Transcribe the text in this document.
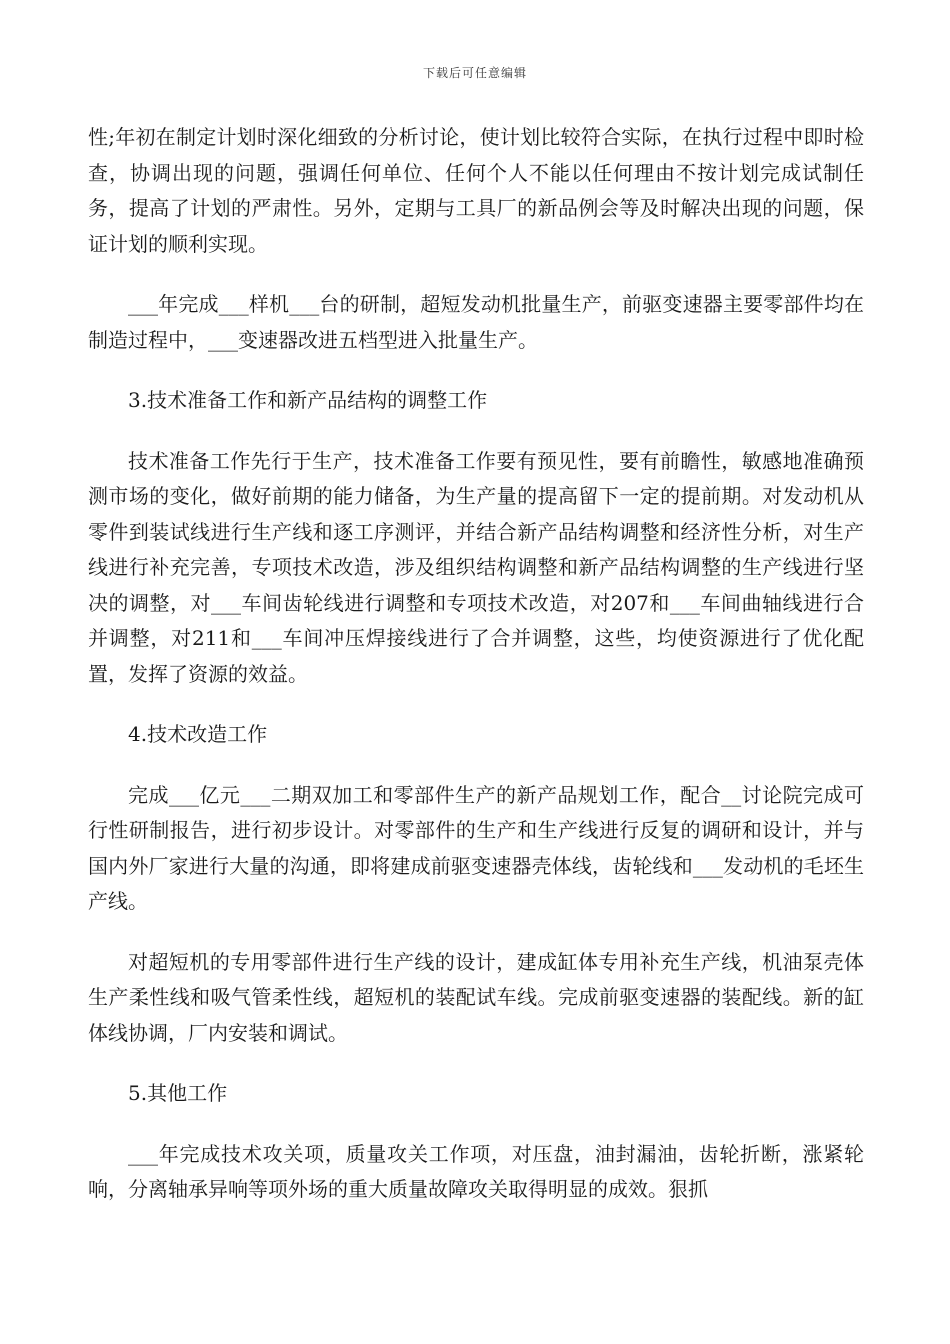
下载后可任意编辑

性;年初在制定计划时深化细致的分析讨论，使计划比较符合实际，在执行过程中即时检查，协调出现的问题，强调任何单位、任何个人不能以任何理由不按计划完成试制任务，提高了计划的严肃性。另外，定期与工具厂的新品例会等及时解决出现的问题，保证计划的顺利实现。

___年完成___样机___台的研制，超短发动机批量生产，前驱变速器主要零部件均在制造过程中，___变速器改进五档型进入批量生产。

3.技术准备工作和新产品结构的调整工作

技术准备工作先行于生产，技术准备工作要有预见性，要有前瞻性，敏感地准确预测市场的变化，做好前期的能力储备，为生产量的提高留下一定的提前期。对发动机从零件到装试线进行生产线和逐工序测评，并结合新产品结构调整和经济性分析，对生产线进行补充完善，专项技术改造，涉及组织结构调整和新产品结构调整的生产线进行坚决的调整，对___车间齿轮线进行调整和专项技术改造，对207和___车间曲轴线进行合并调整，对211和___车间冲压焊接线进行了合并调整，这些，均使资源进行了优化配置，发挥了资源的效益。

4.技术改造工作

完成___亿元___二期双加工和零部件生产的新产品规划工作，配合__讨论院完成可行性研制报告，进行初步设计。对零部件的生产和生产线进行反复的调研和设计，并与国内外厂家进行大量的沟通，即将建成前驱变速器壳体线，齿轮线和___发动机的毛坯生产线。

对超短机的专用零部件进行生产线的设计，建成缸体专用补充生产线，机油泵壳体生产柔性线和吸气管柔性线，超短机的装配试车线。完成前驱变速器的装配线。新的缸体线协调，厂内安装和调试。

5.其他工作

___年完成技术攻关项，质量攻关工作项，对压盘，油封漏油，齿轮折断，涨紧轮响，分离轴承异响等项外场的重大质量故障攻关取得明显的成效。狠抓
